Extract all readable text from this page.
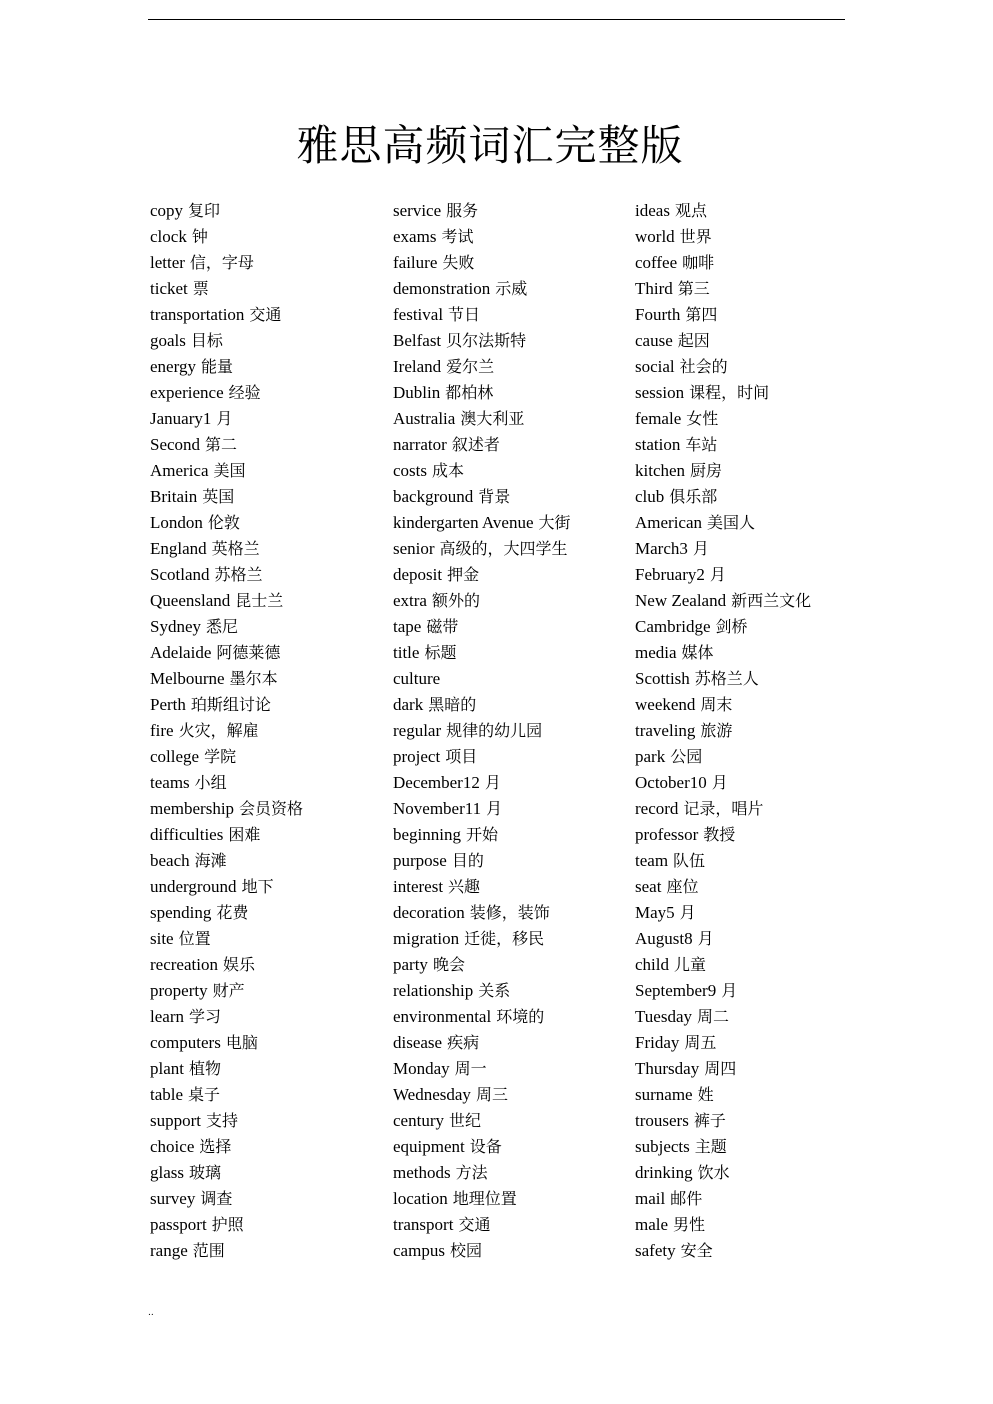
雅思高频词汇完整版
copy 复印
clock 钟
letter 信，字母
ticket 票
transportation 交通
goals 目标
energy 能量
experience 经验
January1 月
Second 第二
America 美国
Britain 英国
London 伦敦
England 英格兰
Scotland 苏格兰
Queensland 昆士兰
Sydney 悉尼
Adelaide 阿德莱德
Melbourne 墨尔本
Perth 珀斯组讨论
fire 火灾，解雇
college 学院
teams 小组
membership 会员资格
difficulties 困难
beach 海滩
underground 地下
spending 花费
site 位置
recreation 娱乐
property 财产
learn 学习
computers 电脑
plant 植物
table 桌子
support 支持
choice 选择
glass 玻璃
survey 调查
passport 护照
range 范围
service 服务
exams 考试
failure 失败
demonstration 示威
festival 节日
Belfast 贝尔法斯特
Ireland 爱尔兰
Dublin 都柏林
Australia 澳大利亚
narrator 叙述者
costs 成本
background 背景
kindergarten Avenue 大街
senior 高级的，大四学生
deposit 押金
extra 额外的
tape 磁带
title 标题
culture
dark 黑暗的
regular 规律的幼儿园
project 项目
December12 月
November11 月
beginning 开始
purpose 目的
interest 兴趣
decoration 装修，装饰
migration 迁徙，移民
party 晚会
relationship 关系
environmental 环境的
disease 疾病
Monday 周一
Wednesday 周三
century 世纪
equipment 设备
methods 方法
location 地理位置
transport 交通
campus 校园
ideas 观点
world 世界
coffee 咖啡
Third 第三
Fourth 第四
cause 起因
social 社会的
session 课程，时间
female 女性
station 车站
kitchen 厨房
club 俱乐部
American 美国人
March3 月
February2 月
New Zealand 新西兰文化
Cambridge 剑桥
media 媒体
Scottish 苏格兰人
weekend 周末
traveling 旅游
park 公园
October10 月
record 记录，唱片
professor 教授
team 队伍
seat 座位
May5 月
August8 月
child 儿童
September9 月
Tuesday 周二
Friday 周五
Thursday 周四
surname 姓
trousers 裤子
subjects 主题
drinking 饮水
mail 邮件
male 男性
safety 安全
..
